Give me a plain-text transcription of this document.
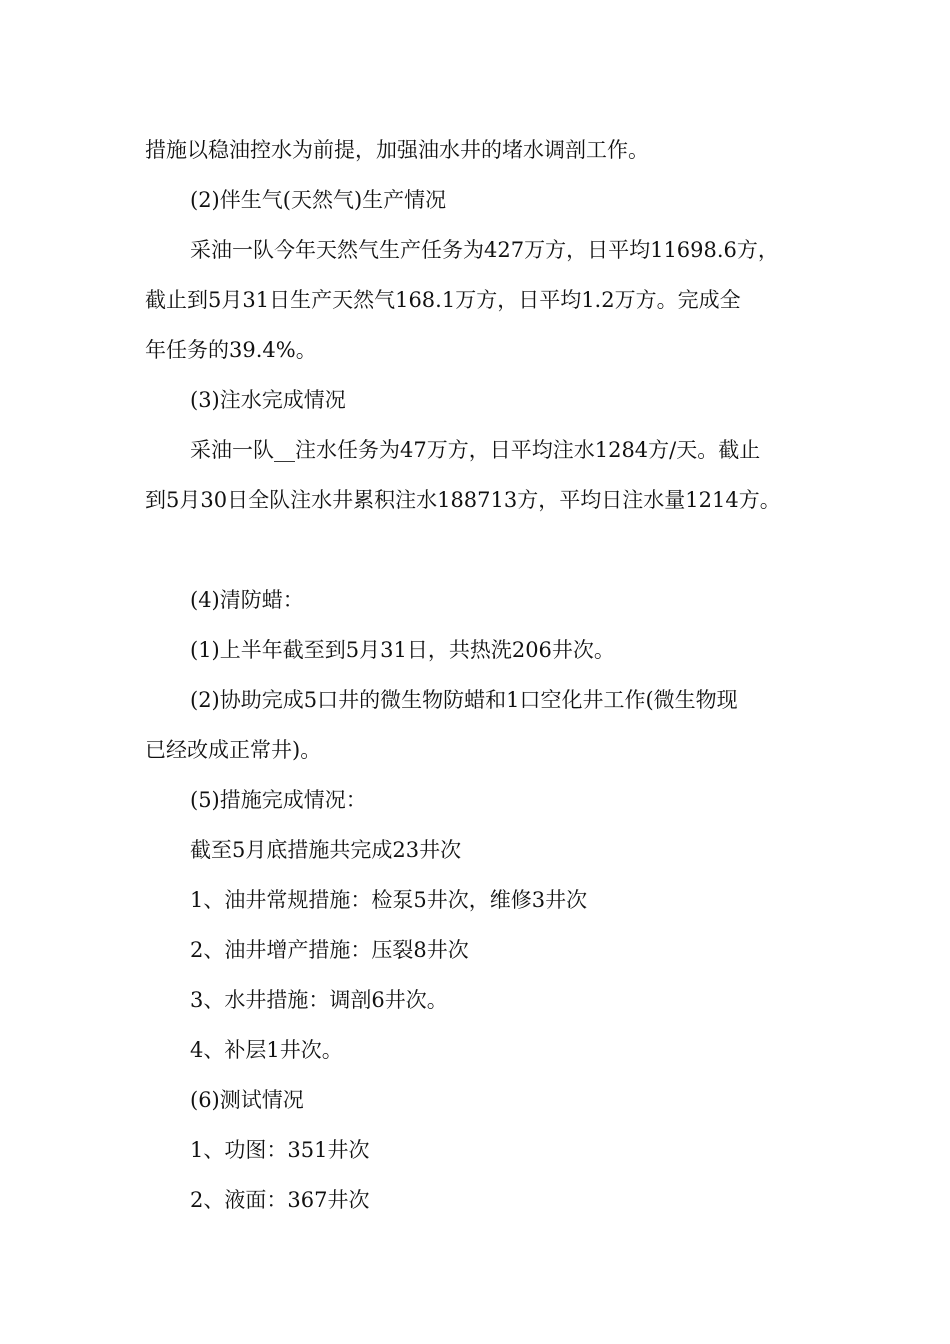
措施以稳油控水为前提，加强油水井的堵水调剖工作。
(2)伴生气(天然气)生产情况
采油一队今年天然气生产任务为427万方，日平均11698.6方，
截止到5月31日生产天然气168.1万方，日平均1.2万方。完成全
年任务的39.4%。
(3)注水完成情况
采油一队__注水任务为47万方，日平均注水1284方/天。截止
到5月30日全队注水井累积注水188713方，平均日注水量1214方。
(4)清防蜡：
(1)上半年截至到5月31日，共热洗206井次。
(2)协助完成5口井的微生物防蜡和1口空化井工作(微生物现
已经改成正常井)。
(5)措施完成情况：
截至5月底措施共完成23井次
1、油井常规措施：检泵5井次，维修3井次
2、油井增产措施：压裂8井次
3、水井措施：调剖6井次。
4、补层1井次。
(6)测试情况
1、功图：351井次
2、液面：367井次
